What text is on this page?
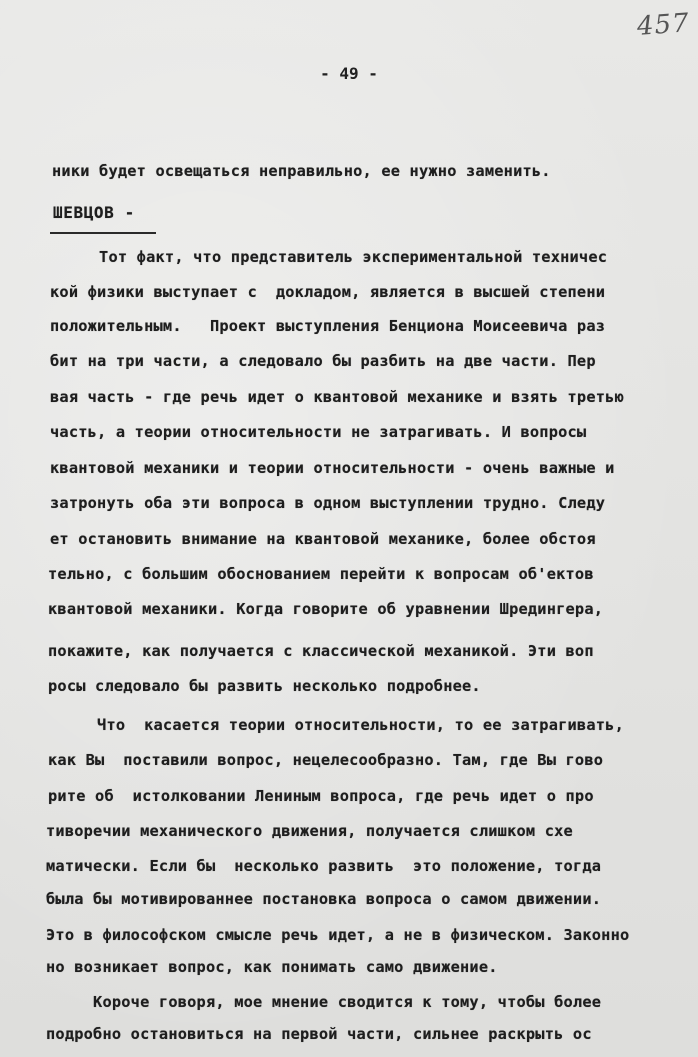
457
- 49 -
ники будет освещаться неправильно, ее нужно заменить.
ШЕВЦОВ -
Тот факт, что представитель экспериментальной техничес
кой физики выступает с  докладом, является в высшей степени
положительным.   Проект выступления Бенциона Моисеевича раз
бит на три части, а следовало бы разбить на две части. Пер
вая часть - где речь идет о квантовой механике и взять третью
часть, а теории относительности не затрагивать. И вопросы
квантовой механики и теории относительности - очень важные и
затронуть оба эти вопроса в одном выступлении трудно. Следу
ет остановить внимание на квантовой механике, более обстоя
тельно, с большим обоснованием перейти к вопросам об'ектов
квантовой механики. Когда говорите об уравнении Шредингера,
покажите, как получается с классической механикой. Эти воп
росы следовало бы развить несколько подробнее.
Что  касается теории относительности, то ее затрагивать,
как Вы  поставили вопрос, нецелесообразно. Там, где Вы гово
рите об  истолковании Лениным вопроса, где речь идет о про
тиворечии механического движения, получается слишком схе
матически. Если бы  несколько развить  это положение, тогда
была бы мотивированнее постановка вопроса о самом движении.
Это в философском смысле речь идет, а не в физическом. Законно
но возникает вопрос, как понимать само движение.
Короче говоря, мое мнение сводится к тому, чтобы более
подробно остановиться на первой части, сильнее раскрыть ос
